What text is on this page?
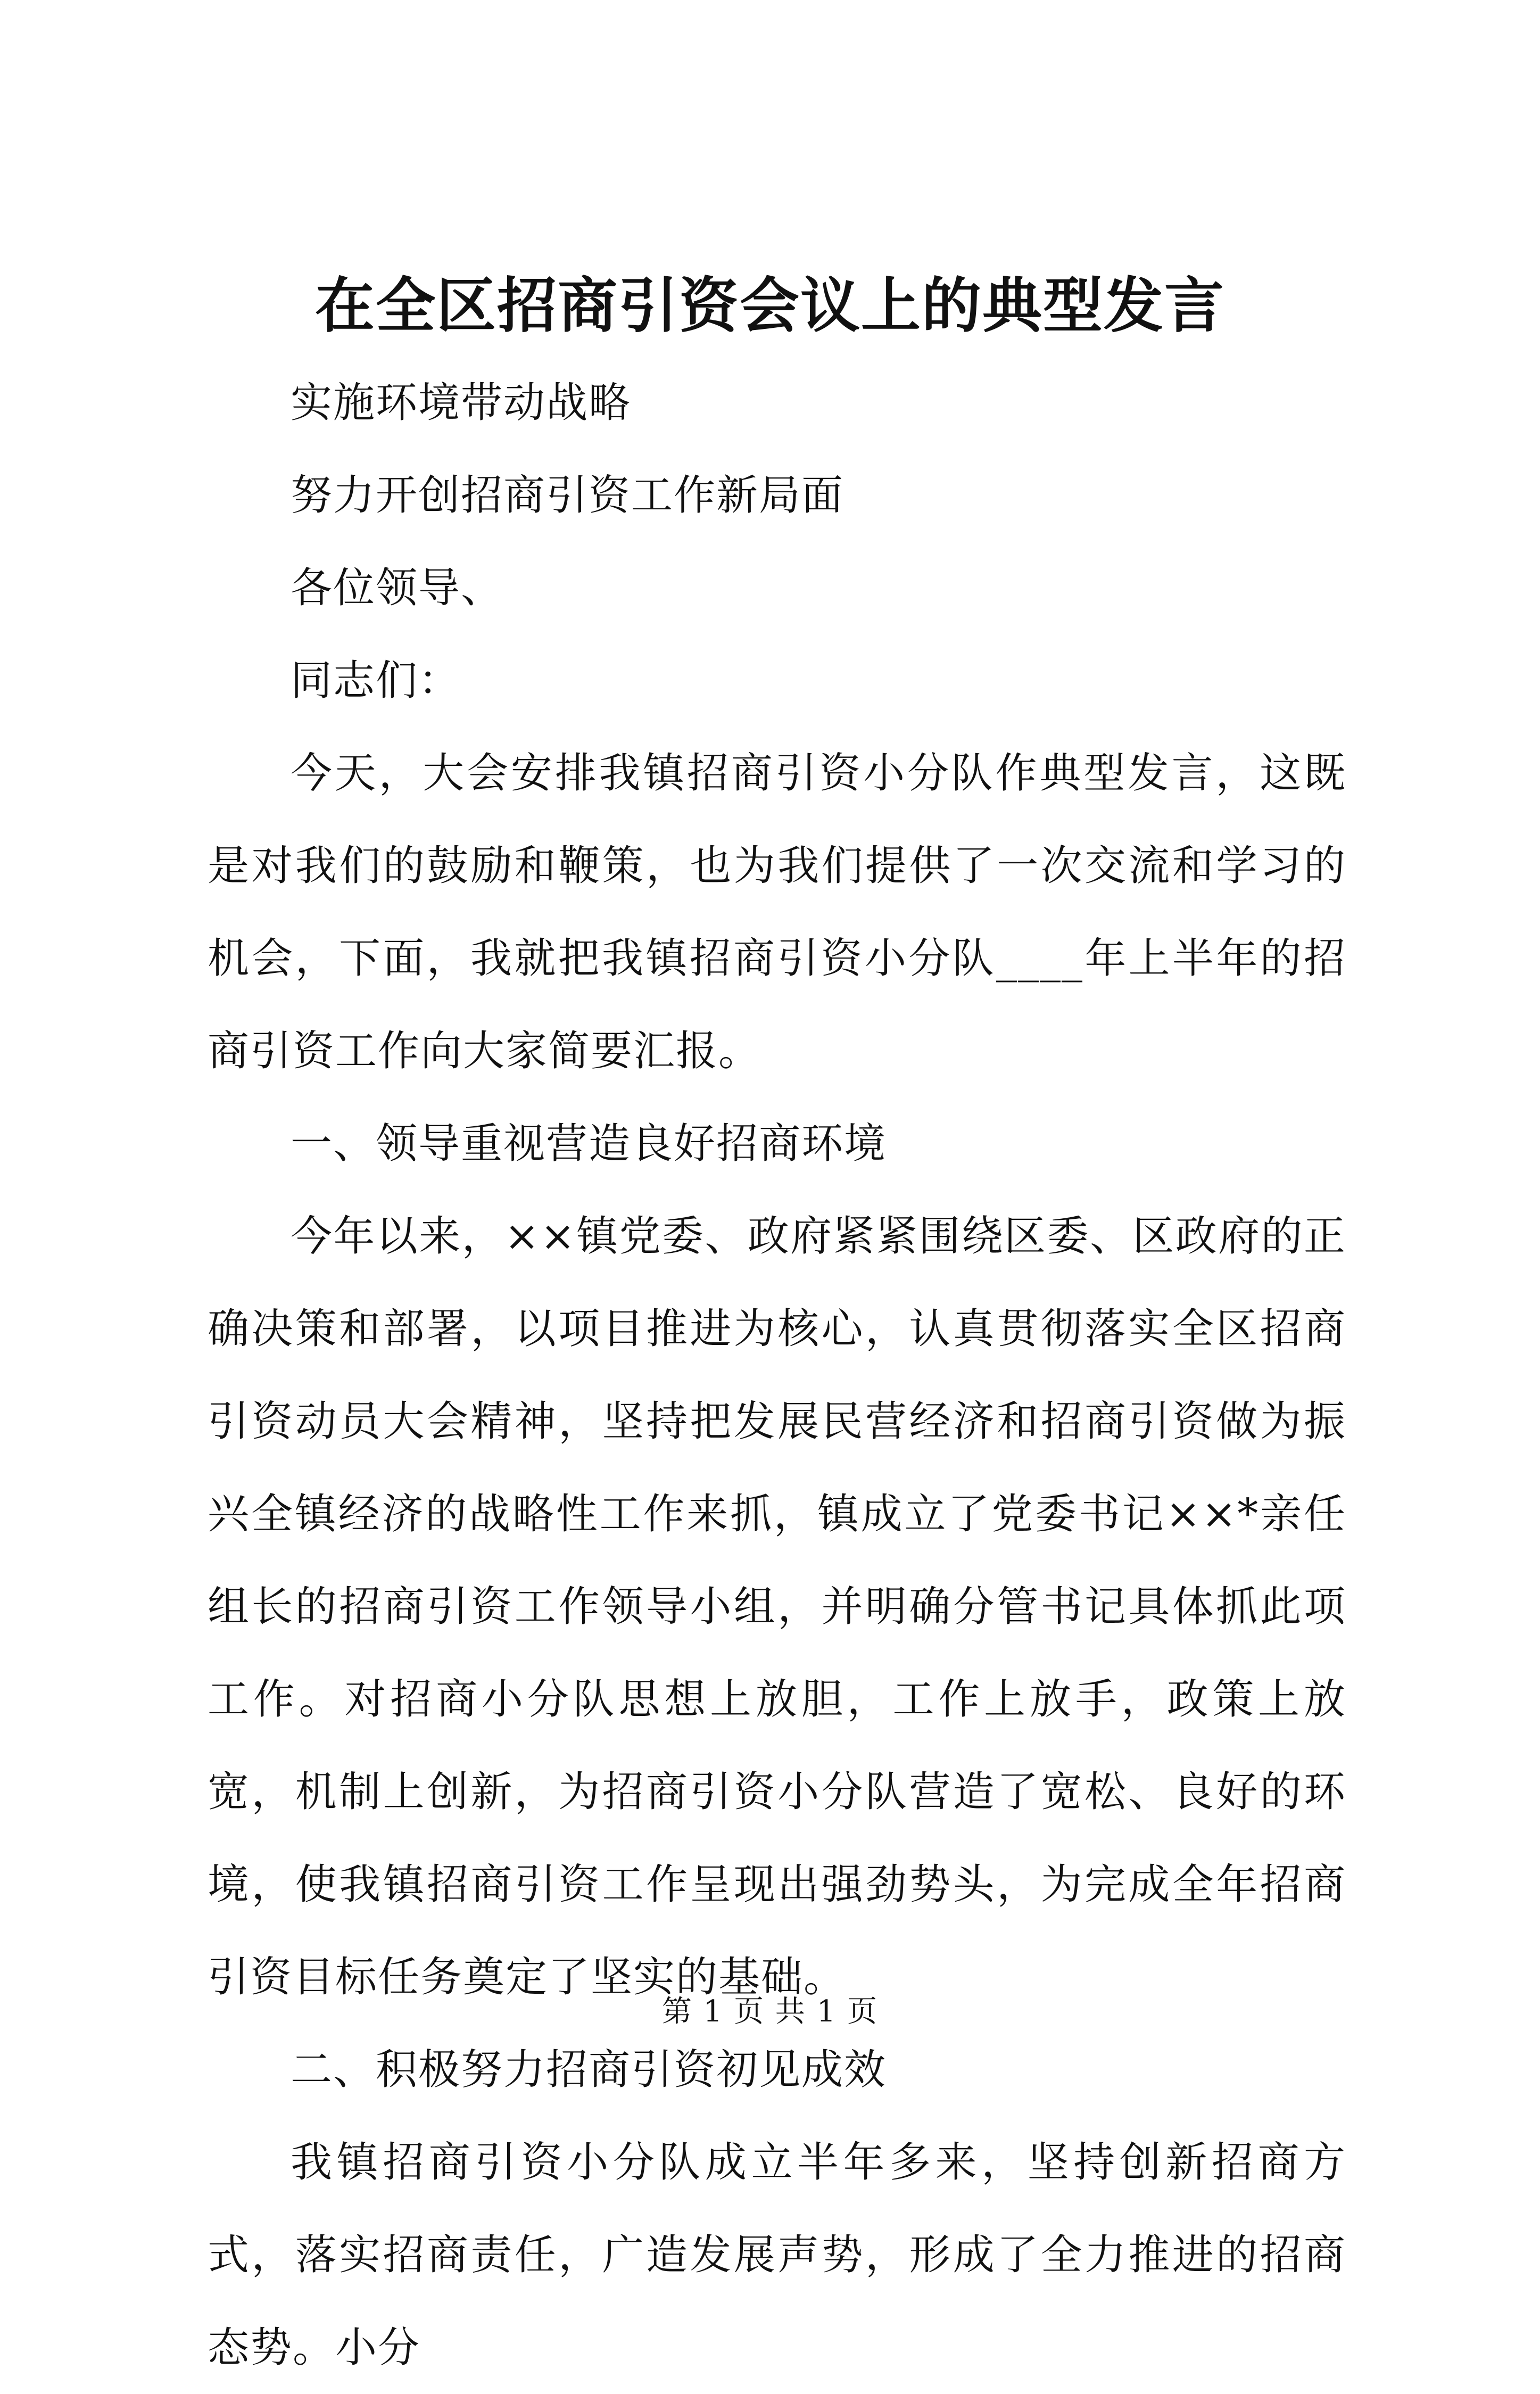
在全区招商引资会议上的典型发言
实施环境带动战略
努力开创招商引资工作新局面
各位领导、
同志们：

今天，大会安排我镇招商引资小分队作典型发言，这既是对我们的鼓励和鞭策，也为我们提供了一次交流和学习的机会，下面，我就把我镇招商引资小分队____年上半年的招商引资工作向大家简要汇报。

一、领导重视营造良好招商环境

今年以来，××镇党委、政府紧紧围绕区委、区政府的正确决策和部署，以项目推进为核心，认真贯彻落实全区招商引资动员大会精神，坚持把发展民营经济和招商引资做为振兴全镇经济的战略性工作来抓，镇成立了党委书记××*亲任组长的招商引资工作领导小组，并明确分管书记具体抓此项工作。对招商小分队思想上放胆，工作上放手，政策上放宽，机制上创新，为招商引资小分队营造了宽松、良好的环境，使我镇招商引资工作呈现出强劲势头，为完成全年招商引资目标任务奠定了坚实的基础。

二、积极努力招商引资初见成效

我镇招商引资小分队成立半年多来，坚持创新招商方式，落实招商责任，广造发展声势，形成了全力推进的招商态势。小分

第 1 页 共 1 页
